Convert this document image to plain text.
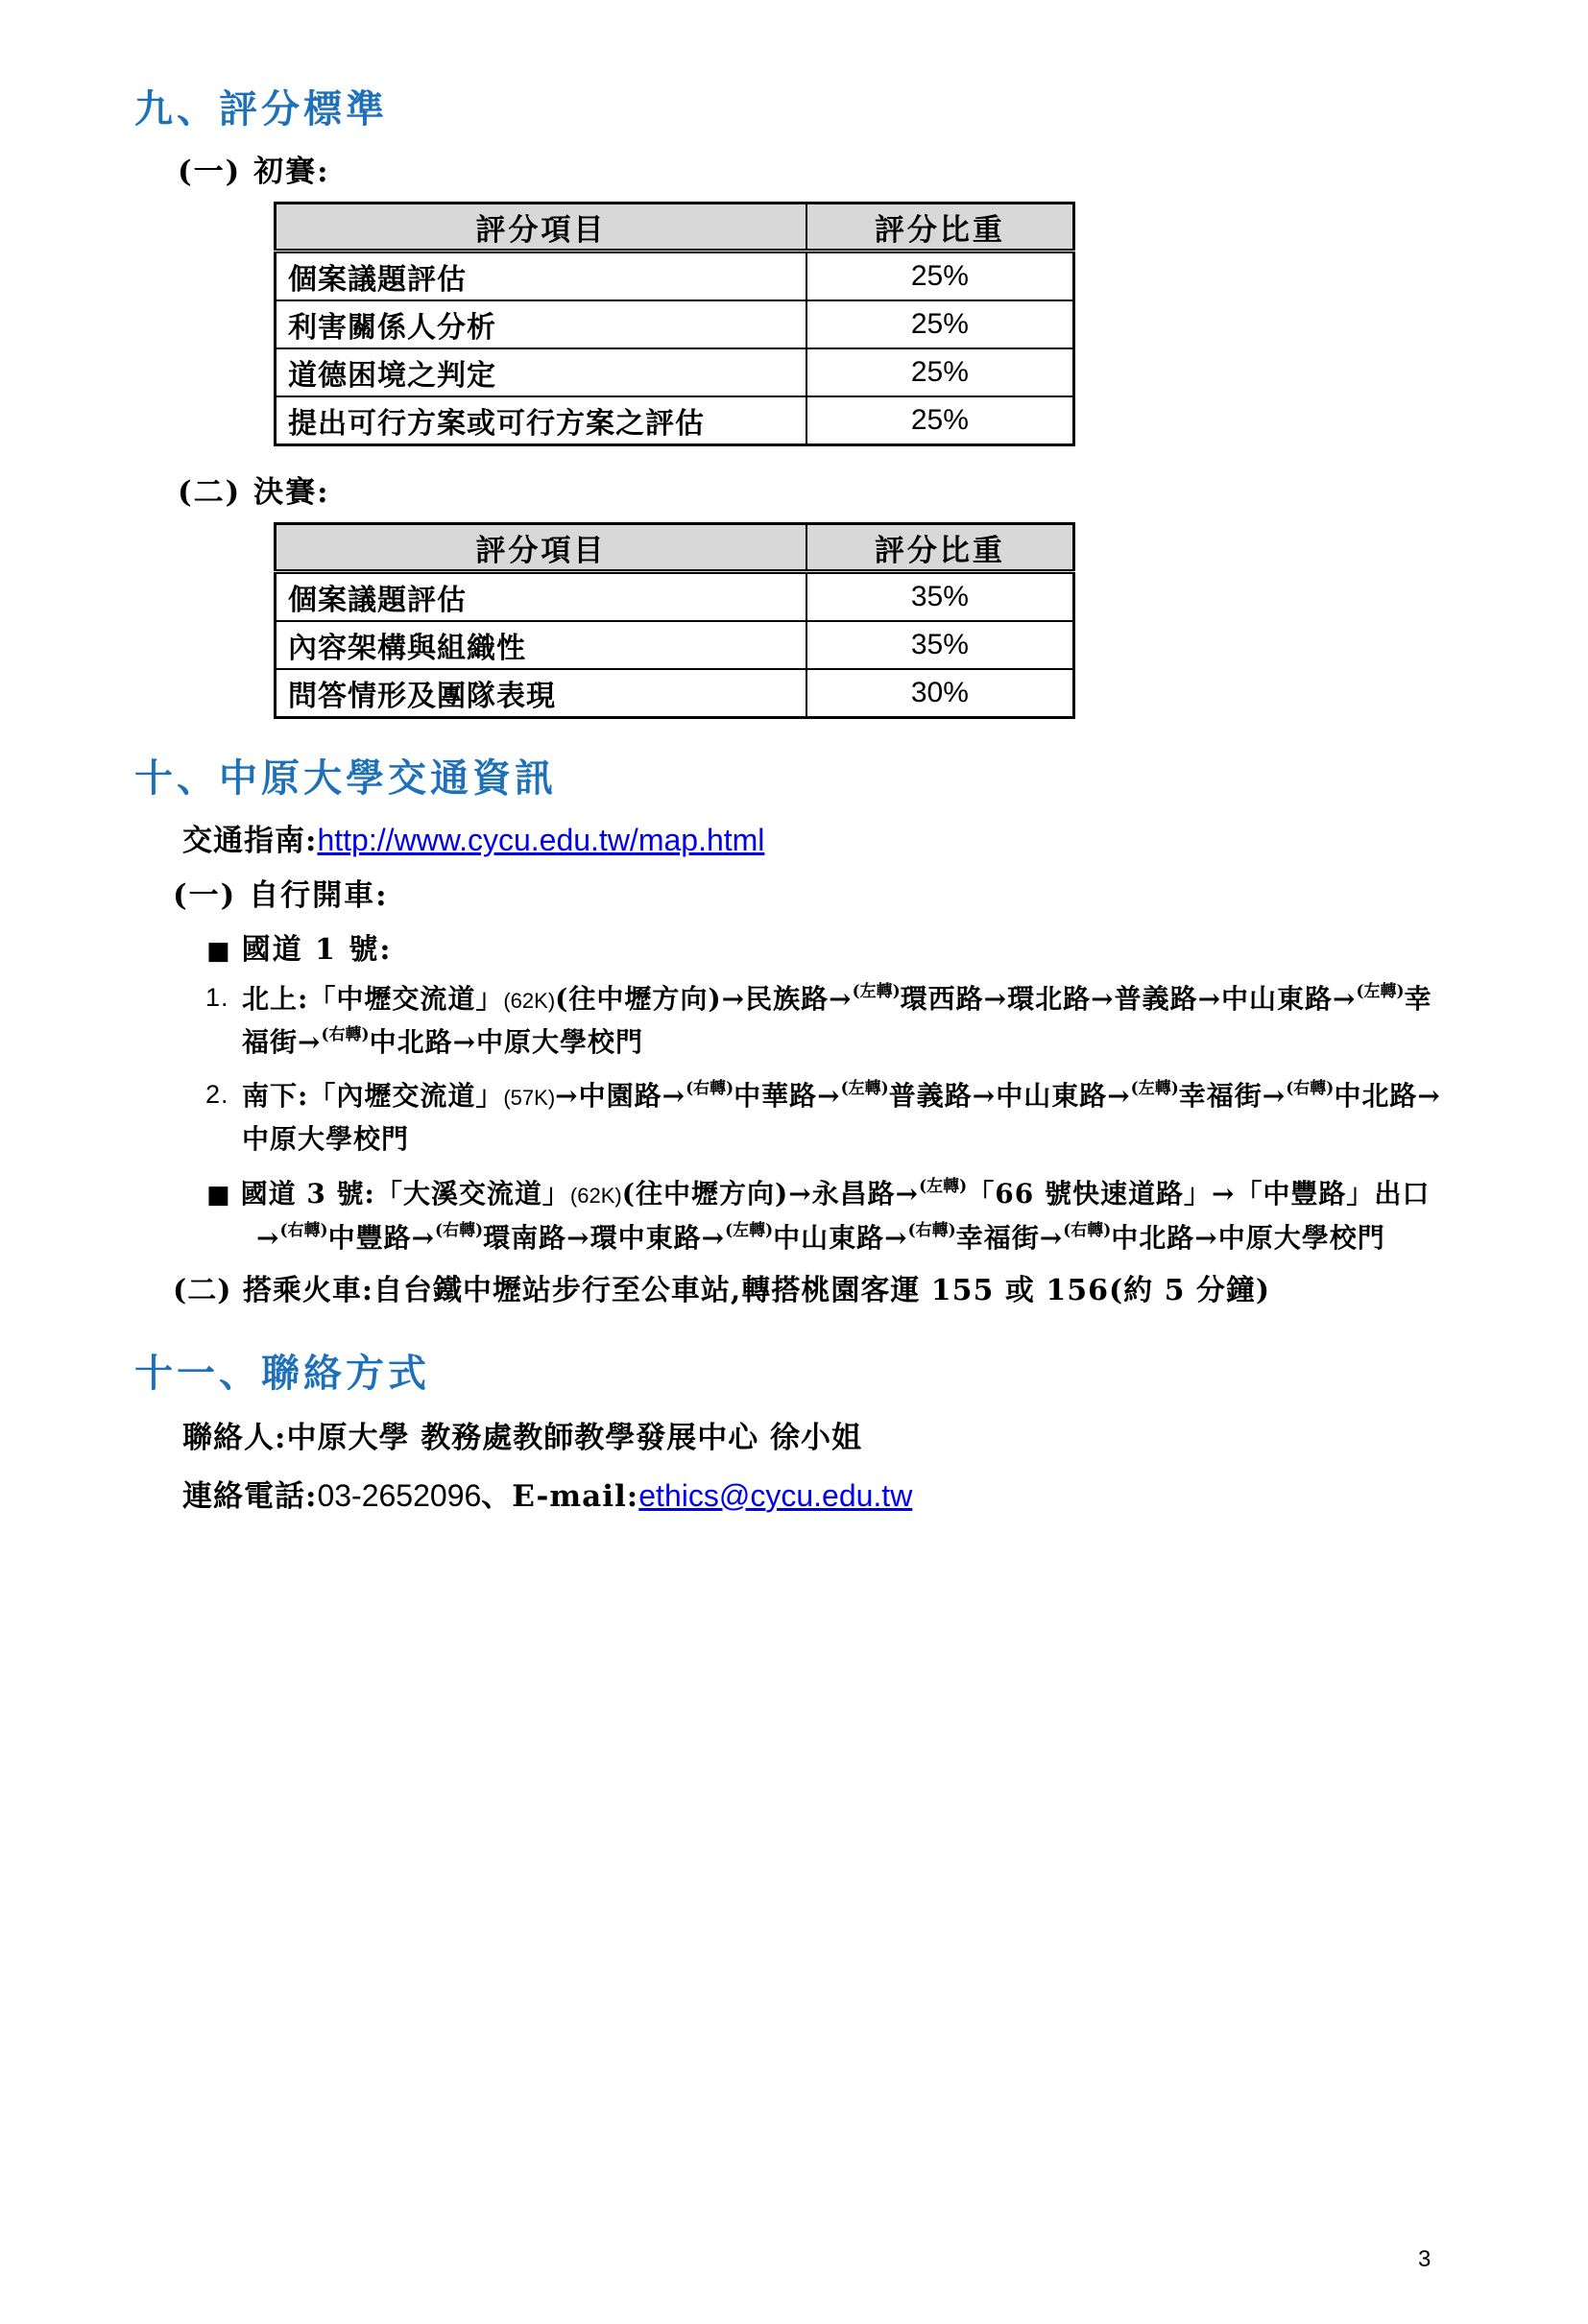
九、評分標準
(一) 初賽:
評分項目	評分比重
個案議題評估	25%
利害關係人分析	25%
道德困境之判定	25%
提出可行方案或可行方案之評估	25%
(二) 決賽:
評分項目	評分比重
個案議題評估	35%
內容架構與組織性	35%
問答情形及團隊表現	30%
十、中原大學交通資訊
交通指南:http://www.cycu.edu.tw/map.html
(一) 自行開車:
■ 國道 1 號:
1. 北上:「中壢交流道」(62K)(往中壢方向)→民族路→$^{(左轉)}$環西路→環北路→普義路→中山東路→$^{(左轉)}$幸福街→$^{(右轉)}$中北路→中原大學校門
2. 南下:「內壢交流道」(57K)→中園路→$^{(右轉)}$中華路→$^{(左轉)}$普義路→中山東路→$^{(左轉)}$幸福街→$^{(右轉)}$中北路→中原大學校門
■ 國道 3 號:「大溪交流道」(62K)(往中壢方向)→永昌路→$^{(左轉)}$「66 號快速道路」→「中豐路」出口→$^{(右轉)}$中豐路→$^{(右轉)}$環南路→環中東路→$^{(左轉)}$中山東路→$^{(右轉)}$幸福街→$^{(右轉)}$中北路→中原大學校門
(二) 搭乘火車:自台鐵中壢站步行至公車站,轉搭桃園客運 155 或 156(約 5 分鐘)
十一、聯絡方式
聯絡人:中原大學 教務處教師教學發展中心 徐小姐
連絡電話:03-2652096、E-mail:ethics@cycu.edu.tw
3
